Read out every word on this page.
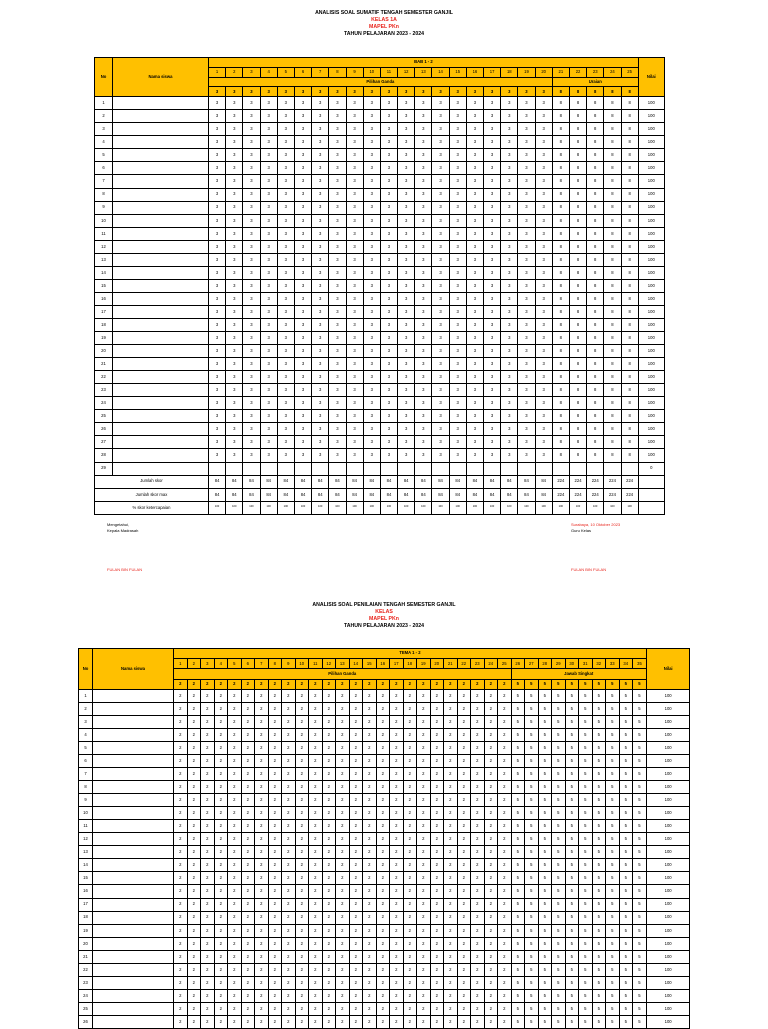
ANALISIS SOAL SUMATIF TENGAH SEMESTER GANJIL
KELAS 1A
MAPEL PKn
TAHUN PELAJARAN 2023 - 2024
No	Nama siswa	BAB 1 - 2																									Nilai
		1	2	3	4	5	6	7	8	9	10	11	12	13	14	15	16	17	18	19	20	21	22	23	24	25	
		Pilihan Ganda																				Uraian					
		3	3	3	3	3	3	3	3	3	3	3	3	3	3	3	3	3	3	3	3	8	8	8	8	8	
1		3	3	3	3	3	3	3	3	3	3	3	3	3	3	3	3	3	3	3	3	8	8	8	8	8	100
2		3	3	3	3	3	3	3	3	3	3	3	3	3	3	3	3	3	3	3	3	8	8	8	8	8	100
3		3	3	3	3	3	3	3	3	3	3	3	3	3	3	3	3	3	3	3	3	8	8	8	8	8	100
4		3	3	3	3	3	3	3	3	3	3	3	3	3	3	3	3	3	3	3	3	8	8	8	8	8	100
5		3	3	3	3	3	3	3	3	3	3	3	3	3	3	3	3	3	3	3	3	8	8	8	8	8	100
6		3	3	3	3	3	3	3	3	3	3	3	3	3	3	3	3	3	3	3	3	8	8	8	8	8	100
7		3	3	3	3	3	3	3	3	3	3	3	3	3	3	3	3	3	3	3	3	8	8	8	8	8	100
8		3	3	3	3	3	3	3	3	3	3	3	3	3	3	3	3	3	3	3	3	8	8	8	8	8	100
9		3	3	3	3	3	3	3	3	3	3	3	3	3	3	3	3	3	3	3	3	8	8	8	8	8	100
10		3	3	3	3	3	3	3	3	3	3	3	3	3	3	3	3	3	3	3	3	8	8	8	8	8	100
11		3	3	3	3	3	3	3	3	3	3	3	3	3	3	3	3	3	3	3	3	8	8	8	8	8	100
12		3	3	3	3	3	3	3	3	3	3	3	3	3	3	3	3	3	3	3	3	8	8	8	8	8	100
13		3	3	3	3	3	3	3	3	3	3	3	3	3	3	3	3	3	3	3	3	8	8	8	8	8	100
14		3	3	3	3	3	3	3	3	3	3	3	3	3	3	3	3	3	3	3	3	8	8	8	8	8	100
15		3	3	3	3	3	3	3	3	3	3	3	3	3	3	3	3	3	3	3	3	8	8	8	8	8	100
16		3	3	3	3	3	3	3	3	3	3	3	3	3	3	3	3	3	3	3	3	8	8	8	8	8	100
17		3	3	3	3	3	3	3	3	3	3	3	3	3	3	3	3	3	3	3	3	8	8	8	8	8	100
18		3	3	3	3	3	3	3	3	3	3	3	3	3	3	3	3	3	3	3	3	8	8	8	8	8	100
19		3	3	3	3	3	3	3	3	3	3	3	3	3	3	3	3	3	3	3	3	8	8	8	8	8	100
20		3	3	3	3	3	3	3	3	3	3	3	3	3	3	3	3	3	3	3	3	8	8	8	8	8	100
21		3	3	3	3	3	3	3	3	3	3	3	3	3	3	3	3	3	3	3	3	8	8	8	8	8	100
22		3	3	3	3	3	3	3	3	3	3	3	3	3	3	3	3	3	3	3	3	8	8	8	8	8	100
23		3	3	3	3	3	3	3	3	3	3	3	3	3	3	3	3	3	3	3	3	8	8	8	8	8	100
24		3	3	3	3	3	3	3	3	3	3	3	3	3	3	3	3	3	3	3	3	8	8	8	8	8	100
25		3	3	3	3	3	3	3	3	3	3	3	3	3	3	3	3	3	3	3	3	8	8	8	8	8	100
26		3	3	3	3	3	3	3	3	3	3	3	3	3	3	3	3	3	3	3	3	8	8	8	8	8	100
27		3	3	3	3	3	3	3	3	3	3	3	3	3	3	3	3	3	3	3	3	8	8	8	8	8	100
28		3	3	3	3	3	3	3	3	3	3	3	3	3	3	3	3	3	3	3	3	8	8	8	8	8	100
29																											0
Jumlah skor		84	84	84	84	84	84	84	84	84	84	84	84	84	84	84	84	84	84	84	84	224	224	224	224	224	
Jumlah skor max		84	84	84	84	84	84	84	84	84	84	84	84	84	84	84	84	84	84	84	84	224	224	224	224	224	
% skor ketercapaian		100	100	100	100	100	100	100	100	100	100	100	100	100	100	100	100	100	100	100	100	100	100	100	100	100	
Mengetahui,
Kepala Madrasah
FULAN BIN FULAN
Surabaya, 10 Oktober 2023
Guru Kelas
FULAN BIN FULAN
ANALISIS SOAL PENILAIAN TENGAH SEMESTER GANJIL
KELAS
MAPEL PKn
TAHUN PELAJARAN 2023 - 2024
No	Nama siswa	TEMA 1 - 2																																			Nilai
		1	2	3	4	5	6	7	8	9	10	11	12	13	14	15	16	17	18	19	20	21	22	23	24	25	26	27	28	29	30	31	32	33	34	35	
		Pilihan Ganda																									Jawab Singkat										
		2	2	2	2	2	2	2	2	2	2	2	2	2	2	2	2	2	2	2	2	2	2	2	2	2	5	5	5	5	5	5	5	5	5	5	
1		2	2	2	2	2	2	2	2	2	2	2	2	2	2	2	2	2	2	2	2	2	2	2	2	2	5	5	5	5	5	5	5	5	5	5	100
2		2	2	2	2	2	2	2	2	2	2	2	2	2	2	2	2	2	2	2	2	2	2	2	2	2	5	5	5	5	5	5	5	5	5	5	100
3		2	2	2	2	2	2	2	2	2	2	2	2	2	2	2	2	2	2	2	2	2	2	2	2	2	5	5	5	5	5	5	5	5	5	5	100
4		2	2	2	2	2	2	2	2	2	2	2	2	2	2	2	2	2	2	2	2	2	2	2	2	2	5	5	5	5	5	5	5	5	5	5	100
5		2	2	2	2	2	2	2	2	2	2	2	2	2	2	2	2	2	2	2	2	2	2	2	2	2	5	5	5	5	5	5	5	5	5	5	100
6		2	2	2	2	2	2	2	2	2	2	2	2	2	2	2	2	2	2	2	2	2	2	2	2	2	5	5	5	5	5	5	5	5	5	5	100
7		2	2	2	2	2	2	2	2	2	2	2	2	2	2	2	2	2	2	2	2	2	2	2	2	2	5	5	5	5	5	5	5	5	5	5	100
8		2	2	2	2	2	2	2	2	2	2	2	2	2	2	2	2	2	2	2	2	2	2	2	2	2	5	5	5	5	5	5	5	5	5	5	100
9		2	2	2	2	2	2	2	2	2	2	2	2	2	2	2	2	2	2	2	2	2	2	2	2	2	5	5	5	5	5	5	5	5	5	5	100
10		2	2	2	2	2	2	2	2	2	2	2	2	2	2	2	2	2	2	2	2	2	2	2	2	2	5	5	5	5	5	5	5	5	5	5	100
11		2	2	2	2	2	2	2	2	2	2	2	2	2	2	2	2	2	2	2	2	2	2	2	2	2	5	5	5	5	5	5	5	5	5	5	100
12		2	2	2	2	2	2	2	2	2	2	2	2	2	2	2	2	2	2	2	2	2	2	2	2	2	5	5	5	5	5	5	5	5	5	5	100
13		2	2	2	2	2	2	2	2	2	2	2	2	2	2	2	2	2	2	2	2	2	2	2	2	2	5	5	5	5	5	5	5	5	5	5	100
14		2	2	2	2	2	2	2	2	2	2	2	2	2	2	2	2	2	2	2	2	2	2	2	2	2	5	5	5	5	5	5	5	5	5	5	100
15		2	2	2	2	2	2	2	2	2	2	2	2	2	2	2	2	2	2	2	2	2	2	2	2	2	5	5	5	5	5	5	5	5	5	5	100
16		2	2	2	2	2	2	2	2	2	2	2	2	2	2	2	2	2	2	2	2	2	2	2	2	2	5	5	5	5	5	5	5	5	5	5	100
17		2	2	2	2	2	2	2	2	2	2	2	2	2	2	2	2	2	2	2	2	2	2	2	2	2	5	5	5	5	5	5	5	5	5	5	100
18		2	2	2	2	2	2	2	2	2	2	2	2	2	2	2	2	2	2	2	2	2	2	2	2	2	5	5	5	5	5	5	5	5	5	5	100
19		2	2	2	2	2	2	2	2	2	2	2	2	2	2	2	2	2	2	2	2	2	2	2	2	2	5	5	5	5	5	5	5	5	5	5	100
20		2	2	2	2	2	2	2	2	2	2	2	2	2	2	2	2	2	2	2	2	2	2	2	2	2	5	5	5	5	5	5	5	5	5	5	100
21		2	2	2	2	2	2	2	2	2	2	2	2	2	2	2	2	2	2	2	2	2	2	2	2	2	5	5	5	5	5	5	5	5	5	5	100
22		2	2	2	2	2	2	2	2	2	2	2	2	2	2	2	2	2	2	2	2	2	2	2	2	2	5	5	5	5	5	5	5	5	5	5	100
23		2	2	2	2	2	2	2	2	2	2	2	2	2	2	2	2	2	2	2	2	2	2	2	2	2	5	5	5	5	5	5	5	5	5	5	100
24		2	2	2	2	2	2	2	2	2	2	2	2	2	2	2	2	2	2	2	2	2	2	2	2	2	5	5	5	5	5	5	5	5	5	5	100
25		2	2	2	2	2	2	2	2	2	2	2	2	2	2	2	2	2	2	2	2	2	2	2	2	2	5	5	5	5	5	5	5	5	5	5	100
26		2	2	2	2	2	2	2	2	2	2	2	2	2	2	2	2	2	2	2	2	2	2	2	2	2	5	5	5	5	5	5	5	5	5	5	100
